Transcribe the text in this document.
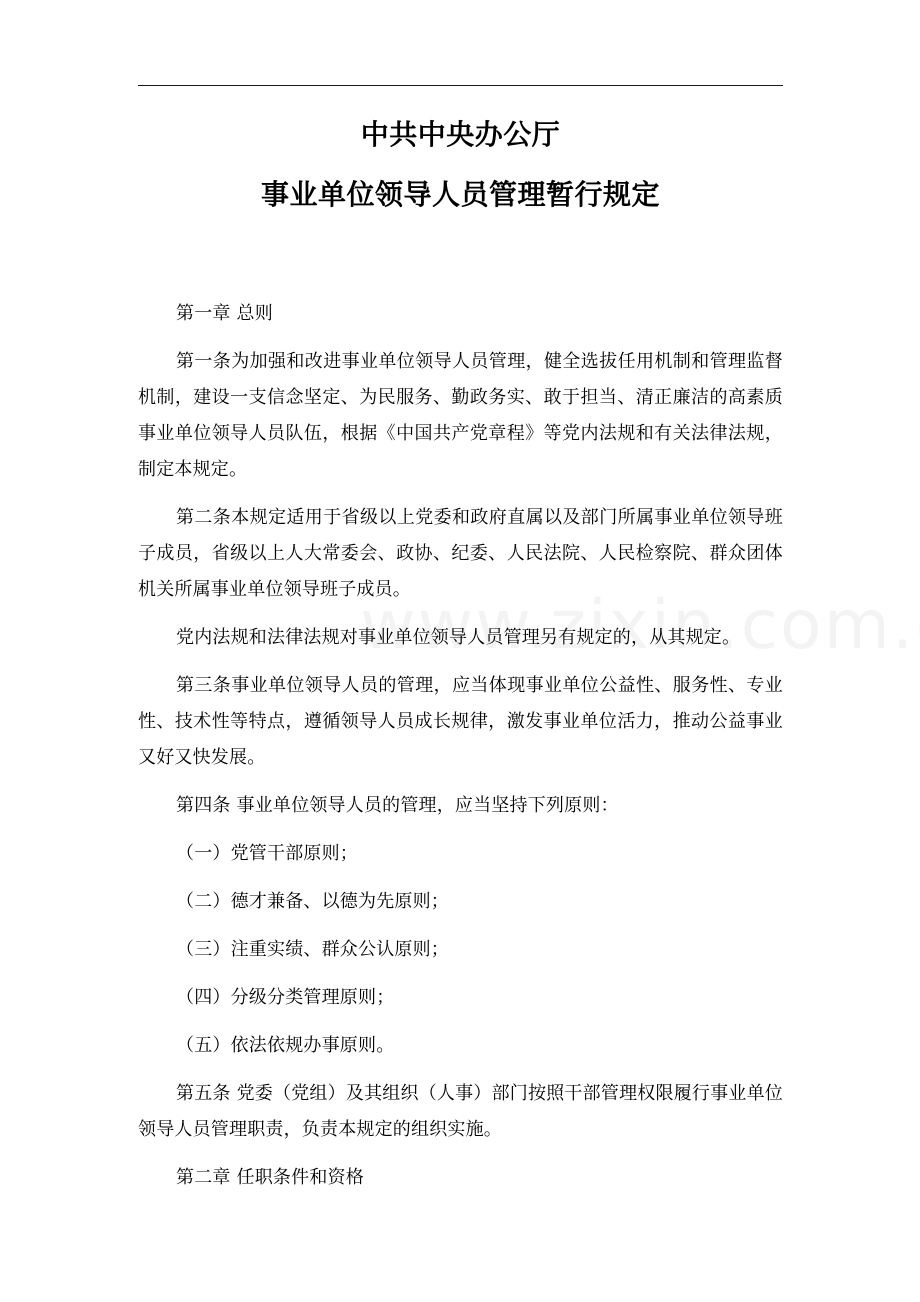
中共中央办公厅
事业单位领导人员管理暂行规定

第一章 总则

第一条为加强和改进事业单位领导人员管理，健全选拔任用机制和管理监督机制，建设一支信念坚定、为民服务、勤政务实、敢于担当、清正廉洁的高素质事业单位领导人员队伍，根据《中国共产党章程》等党内法规和有关法律法规，制定本规定。

第二条本规定适用于省级以上党委和政府直属以及部门所属事业单位领导班子成员，省级以上人大常委会、政协、纪委、人民法院、人民检察院、群众团体机关所属事业单位领导班子成员。

党内法规和法律法规对事业单位领导人员管理另有规定的，从其规定。

第三条事业单位领导人员的管理，应当体现事业单位公益性、服务性、专业性、技术性等特点，遵循领导人员成长规律，激发事业单位活力，推动公益事业又好又快发展。

第四条 事业单位领导人员的管理，应当坚持下列原则：

（一）党管干部原则；

（二）德才兼备、以德为先原则；

（三）注重实绩、群众公认原则；

（四）分级分类管理原则；

（五）依法依规办事原则。

第五条 党委（党组）及其组织（人事）部门按照干部管理权限履行事业单位领导人员管理职责，负责本规定的组织实施。

第二章 任职条件和资格
